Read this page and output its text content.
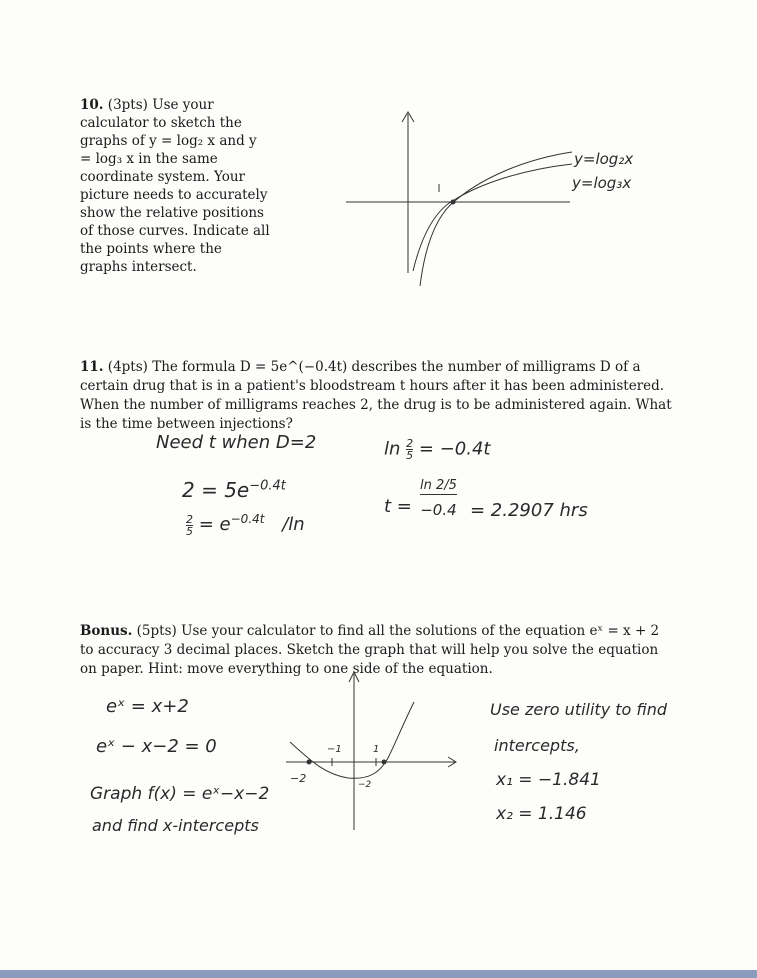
10. (3pts) Use your calculator to sketch the graphs of y = log₂ x and y = log₃ x in the same coordinate system. Your picture needs to accurately show the relative positions of those curves. Indicate all the points where the graphs intersect.
y=log₂x
y=log₃x
11. (4pts) The formula D = 5e^(−0.4t) describes the number of milligrams D of a certain drug that is in a patient's bloodstream t hours after it has been administered. When the number of milligrams reaches 2, the drug is to be administered again. What is the time between injections?
Need t when D=2
$2 = 5e^{-0.4t}$
$\frac{2}{5} = e^{-0.4t}$ /ln
$\ln \frac{2}{5} = -0.4t$
$t = \frac{\ln 2/5}{-0.4} = 2.2907$ hrs
Bonus. (5pts) Use your calculator to find all the solutions of the equation eˣ = x + 2 to accuracy 3 decimal places. Sketch the graph that will help you solve the equation on paper. Hint: move everything to one side of the equation.
eˣ = x+2
eˣ − x−2 = 0
Graph f(x) = eˣ−x−2
and find x-intercepts
−2
−1	1
−2
Use zero utility to find
intercepts,
x₁ = −1.841
x₂ = 1.146
